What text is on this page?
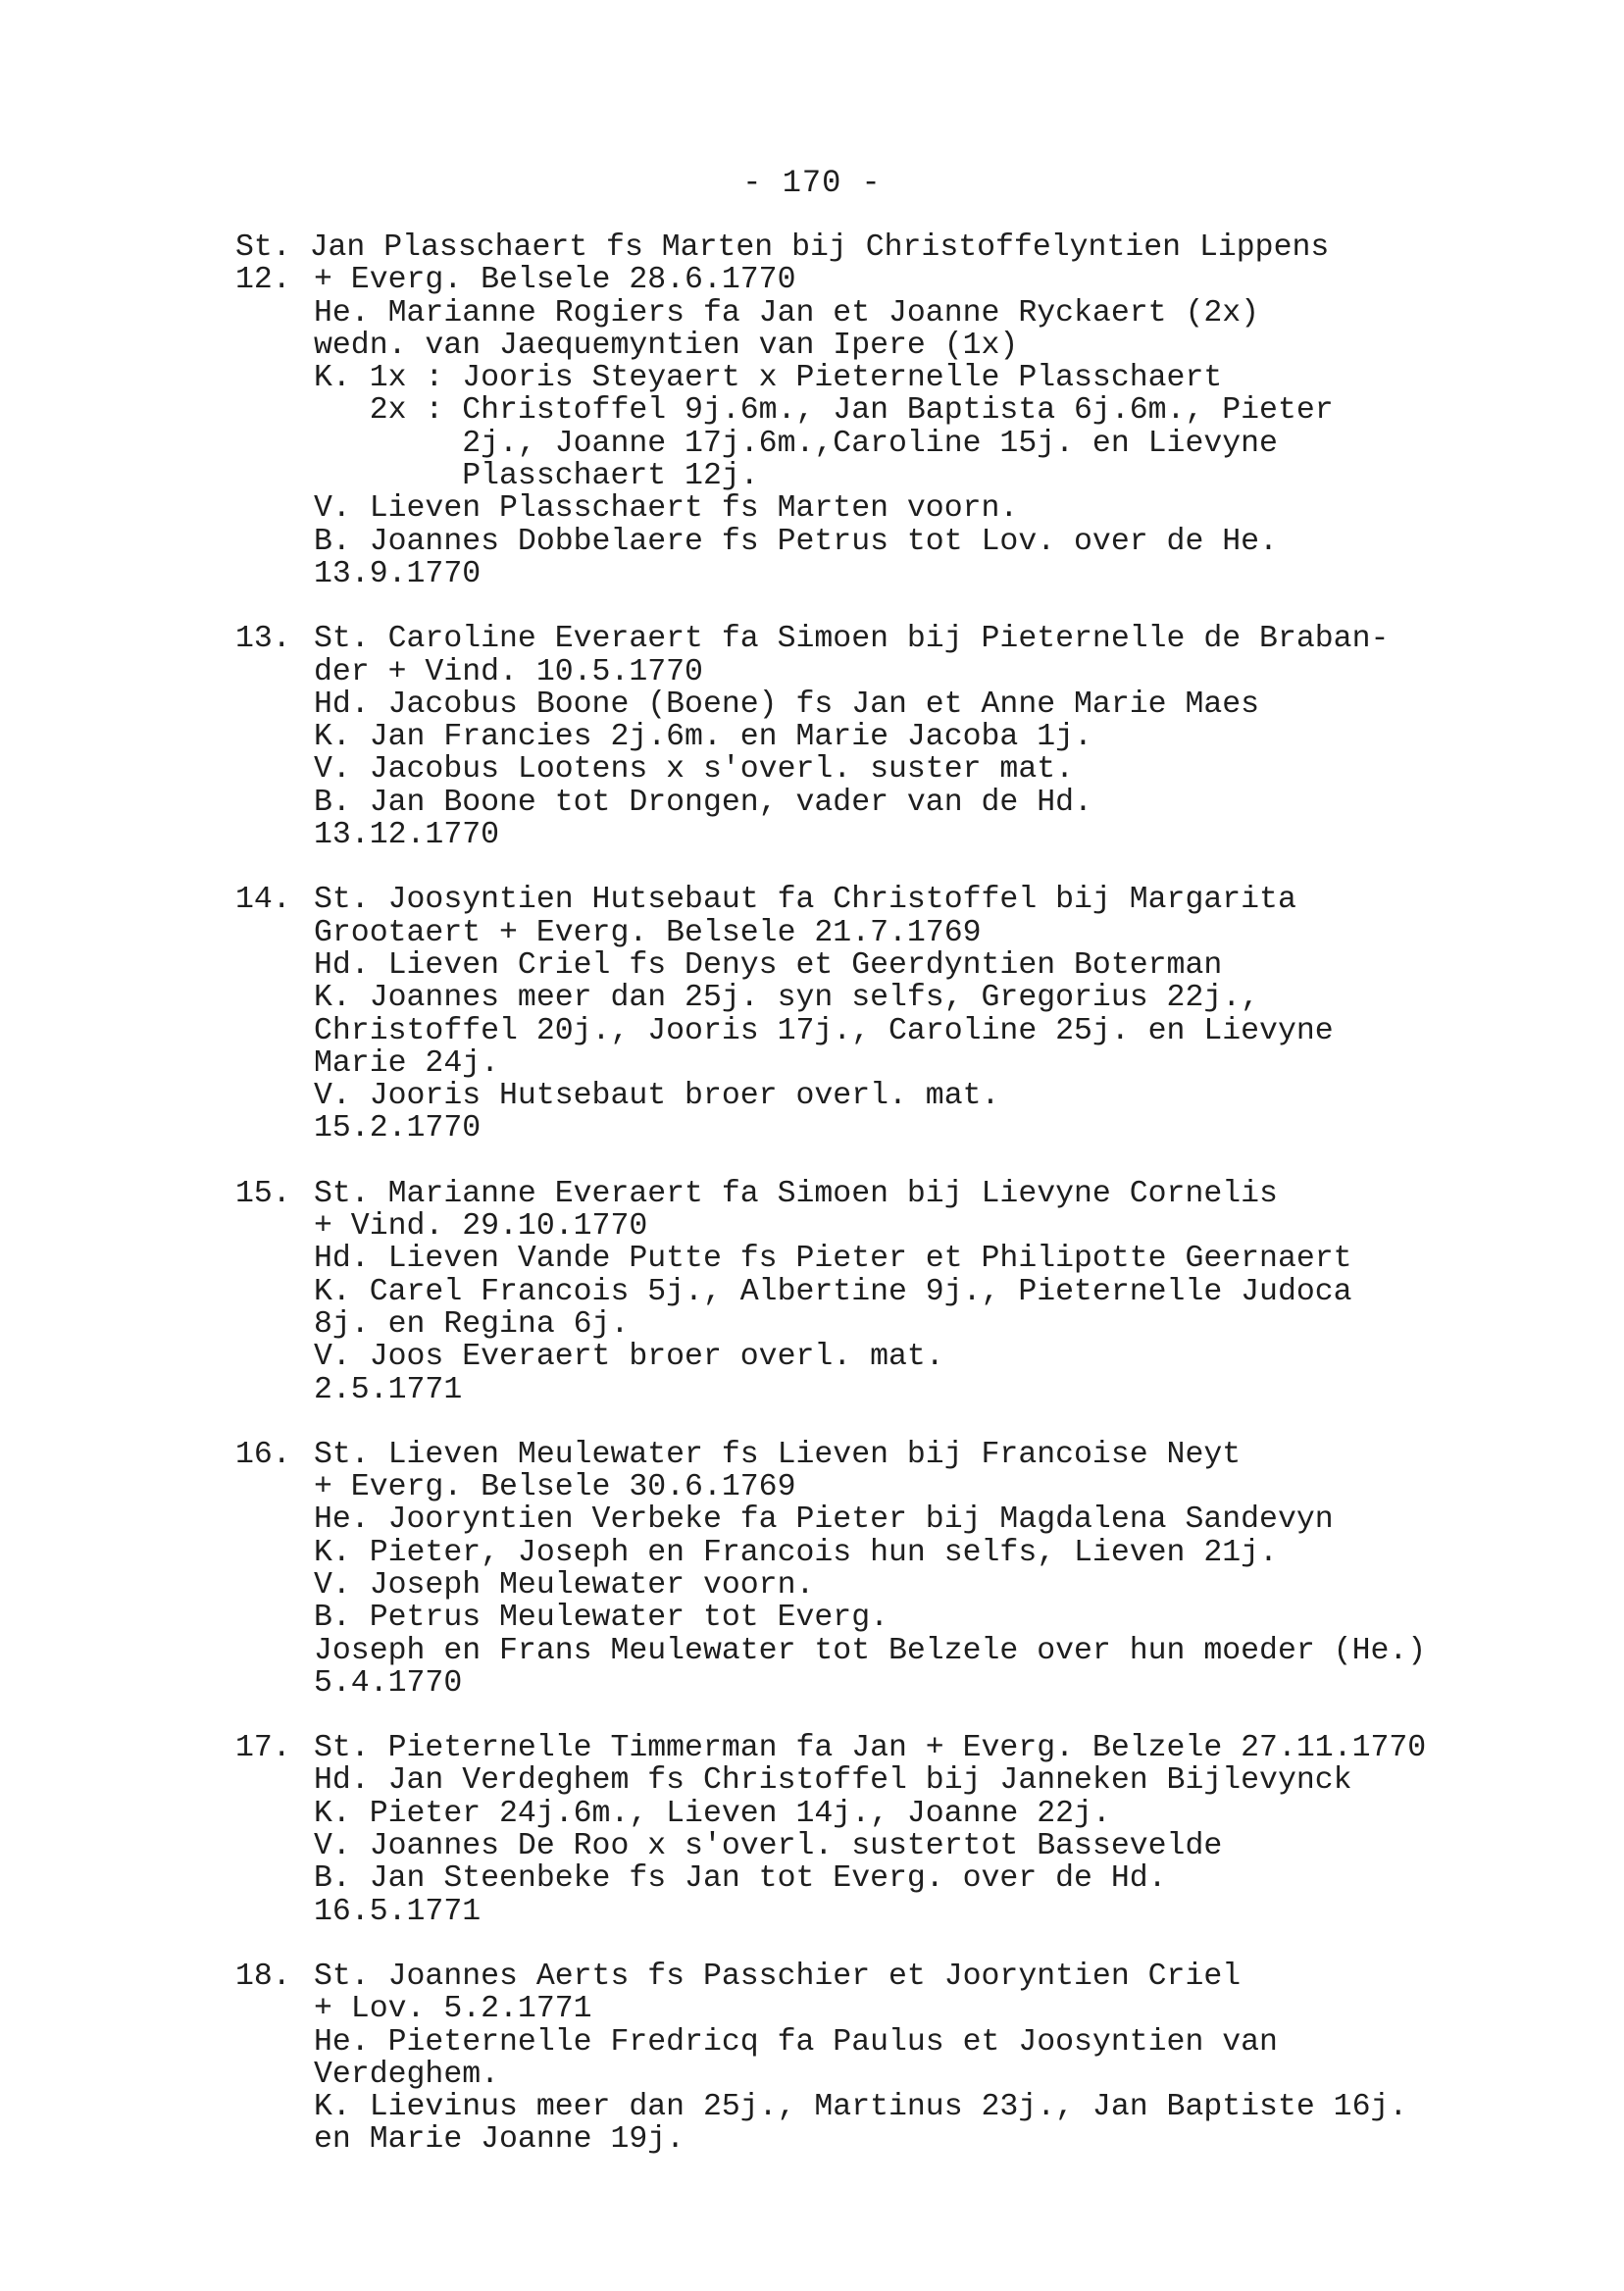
- 170 -
St. Jan Plasschaert fs Marten bij Christoffelyntien Lippens
12. + Everg. Belsele 28.6.1770
He. Marianne Rogiers fa Jan et Joanne Ryckaert (2x)
wedn. van Jaequemyntien van Ipere (1x)
K. 1x : Jooris Steyaert x Pieternelle Plasschaert
2x : Christoffel 9j.6m., Jan Baptista 6j.6m., Pieter
2j., Joanne 17j.6m.,Caroline 15j. en Lievyne
Plasschaert 12j.
V. Lieven Plasschaert fs Marten voorn.
B. Joannes Dobbelaere fs Petrus tot Lov. over de He.
13.9.1770
13. St. Caroline Everaert fa Simoen bij Pieternelle de Braban-
der + Vind. 10.5.1770
Hd. Jacobus Boone (Boene) fs Jan et Anne Marie Maes
K. Jan Francies 2j.6m. en Marie Jacoba 1j.
V. Jacobus Lootens x s'overl. suster mat.
B. Jan Boone tot Drongen, vader van de Hd.
13.12.1770
14. St. Joosyntien Hutsebaut fa Christoffel bij Margarita
Grootaert + Everg. Belsele 21.7.1769
Hd. Lieven Criel fs Denys et Geerdyntien Boterman
K. Joannes meer dan 25j. syn selfs, Gregorius 22j.,
Christoffel 20j., Jooris 17j., Caroline 25j. en Lievyne
Marie 24j.
V. Jooris Hutsebaut broer overl. mat.
15.2.1770
15. St. Marianne Everaert fa Simoen bij Lievyne Cornelis
+ Vind. 29.10.1770
Hd. Lieven Vande Putte fs Pieter et Philipotte Geernaert
K. Carel Francois 5j., Albertine 9j., Pieternelle Judoca
8j. en Regina 6j.
V. Joos Everaert broer overl. mat.
2.5.1771
16. St. Lieven Meulewater fs Lieven bij Francoise Neyt
+ Everg. Belsele 30.6.1769
He. Jooryntien Verbeke fa Pieter bij Magdalena Sandevyn
K. Pieter, Joseph en Francois hun selfs, Lieven 21j.
V. Joseph Meulewater voorn.
B. Petrus Meulewater tot Everg.
Joseph en Frans Meulewater tot Belzele over hun moeder (He.)
5.4.1770
17. St. Pieternelle Timmerman fa Jan + Everg. Belzele 27.11.1770
Hd. Jan Verdeghem fs Christoffel bij Janneken Bijlevynck
K. Pieter 24j.6m., Lieven 14j., Joanne 22j.
V. Joannes De Roo x s'overl. sustertot Bassevelde
B. Jan Steenbeke fs Jan tot Everg. over de Hd.
16.5.1771
18. St. Joannes Aerts fs Passchier et Jooryntien Criel
+ Lov. 5.2.1771
He. Pieternelle Fredricq fa Paulus et Joosyntien van
Verdeghem.
K. Lievinus meer dan 25j., Martinus 23j., Jan Baptiste 16j.
en Marie Joanne 19j.
